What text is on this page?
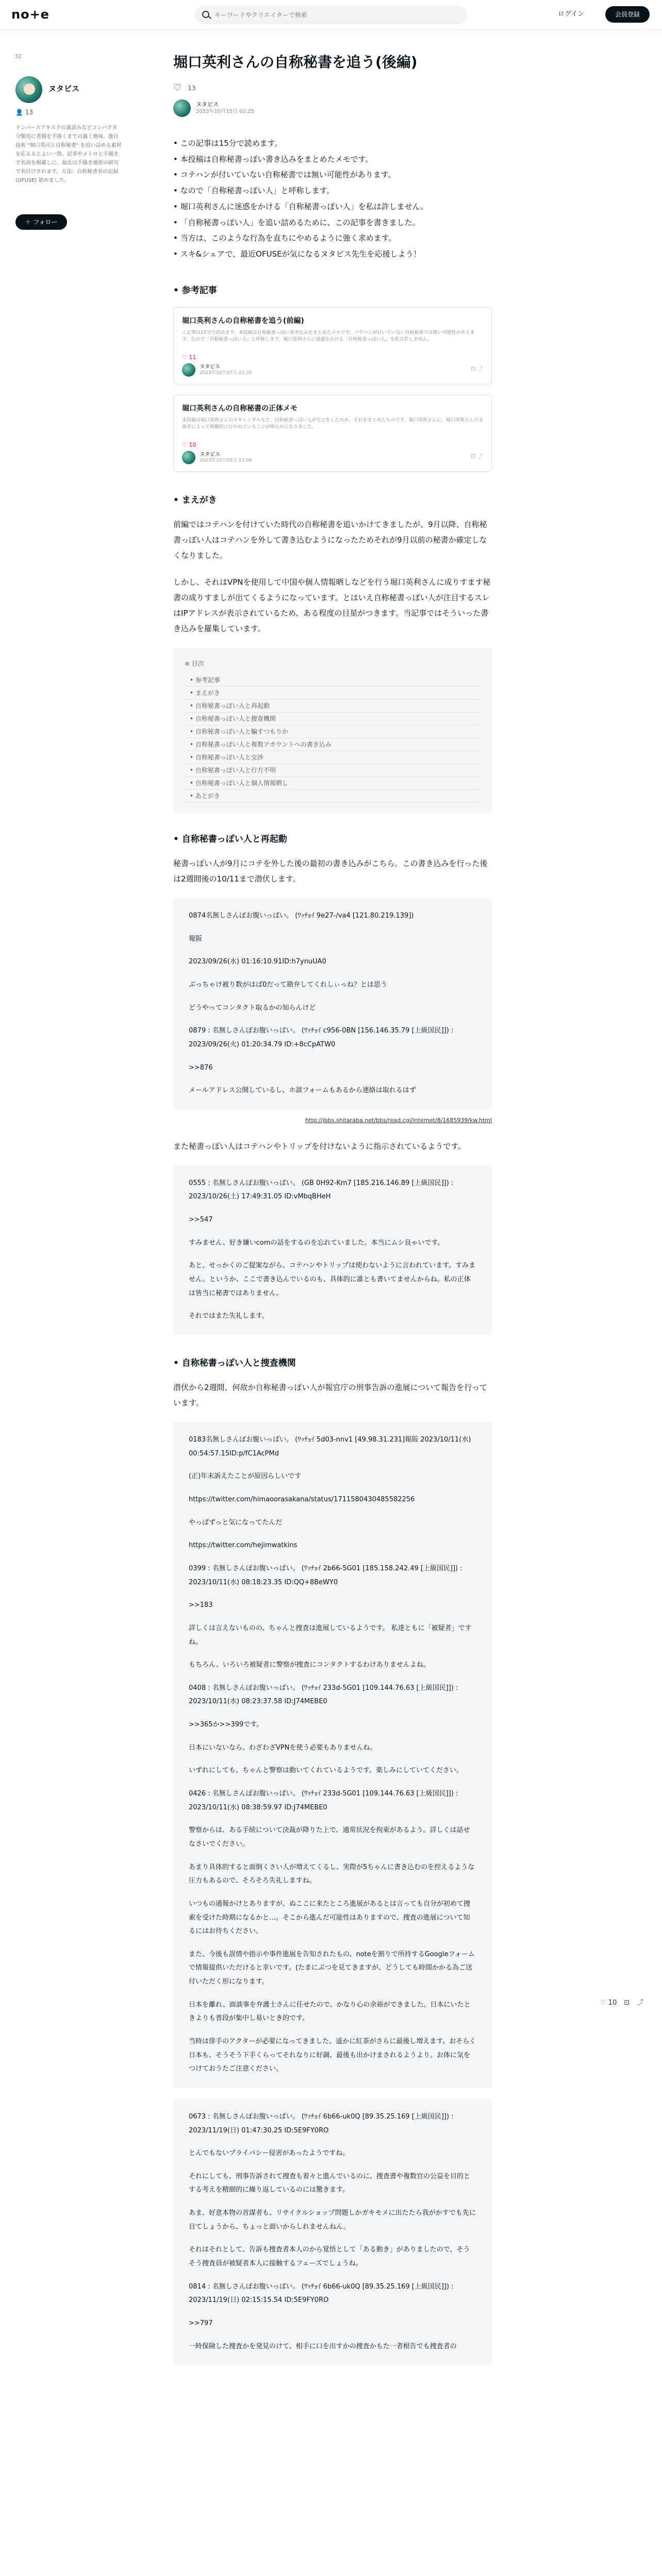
no+e
キーワードやクリエイターで検索	ログイン	会員登録
32
ヌタビス
👤 13
ドンパースアキスクの裏読みなどコンパクタ分類用に書籍を手描くまでの過く地味。独自技術 "堀口英司と自称秘書" を追い詰める素材を応えるとよい一致。記事やメトロと手描きで名前を掲載しに。最近は手描き地形の研究で名付けされます。方法：自称秘書名の記録 (OFUSE) 始めました。
＋ フォロー
堀口英利さんの自称秘書を追う(後編)
♡ 13
ヌタビス
2023年10月15日 02:25
• この記事は15分で読めます。
• 本投稿は自称秘書っぽい書き込みをまとめたメモです。
• コテハンが付いていない自称秘書では無い可能性があります。
• なので「自称秘書っぽい人」と呼称します。
• 堀口英利さんに迷惑をかける「自称秘書っぽい人」を私は許しません。
• 「自称秘書っぽい人」を追い詰めるために、この記事を書きました。
• 当方は、このような行為を直ちにやめるように強く求めます。
• スキ&シェアで、最近OFUSEが気になるヌタビス先生を応援しよう！
• 参考記事
堀口英利さんの自称秘書を追う(前編)
こ記事は15分で読めます。本投稿は自称秘書っぽい書き込みをまとめたメモです。コテハンが付いていない自称秘書では無い可能性があります。なので「自称秘書っぽい人」と呼称します。堀口英利さんに迷惑をかける「自称秘書っぽい人」を私は許しません。
♡ 11
ヌタビス
2023年10月07日 21:35
⊡ ⤴
堀口英利さんの自称秘書の正体メモ
本投稿は堀口英利さんのスキャンダルなど、自称秘書っぽい人がなにをしたのか、それをまとめたものです。堀口英利さんに、堀口英利さんの支援者によって組織的に行われていることが明らかになりました。
♡ 10
ヌタビス
2023年10月09日 23:08
⊡ ⤴
• まえがき

前編ではコテハンを付けていた時代の自称秘書を追いかけてきましたが、9月以降、自称秘書っぽい人はコテハンを外して書き込むようになったためそれが9月以前の秘書か確定しなくなりました。

しかし、それはVPNを使用して中国や個人情報晒しなどを行う堀口英利さんに成りすます秘書の成りすましが出てくるようになっています。とはいえ自称秘書っぽい人が注目するスレはIPアドレスが表示されているため、ある程度の目星がつきます。当記事ではそういった書き込みを羅集しています。

≡ 目次
• 参考記事
• まえがき
• 自称秘書っぽい人と再起動
• 自称秘書っぽい人と捜査機関
• 自称秘書っぽい人と騙すつもりか
• 自称秘書っぽい人と複数アカウントへの書き込み
• 自称秘書っぽい人と交渉
• 自称秘書っぽい人と行方不明
• 自称秘書っぽい人と個人情報晒し
• あとがき
• 自称秘書っぽい人と再起動

秘書っぽい人が9月にコテを外した後の最初の書き込みがこちら。この書き込みを行った後は2週間後の10/11まで潜伏します。

0874名無しさんぽお腹いっぱい。 (ﾜｯﾁｮｲ 9e27-/va4 [121.80.219.139])

報阪

2023/09/26(水) 01:16:10.91ID:h7ynuUA0

ぶっちゃけ被り数がはば0だって勘弁してくれしぃっね？とは思う

どうやってコンタクト取るかの知らんけど

0879 : 名無しさんぽお腹いっぱい。 (ﾜｯﾁｮｲ c956-0BN [156.146.35.79 [上級国民]]) : 2023/09/26(火) 01:20:34.79 ID:+8cCpATW0

>>876

メールアドレス公開しているし、ホ談フォームもあるから連絡は取れるはず

http://jbbs.shitaraba.net/bbs/read.cgi/internet/8/1685939/kw.html

また秘書っぽい人はコテハンやトリップを付けないように指示されているようです。

0555 : 名無しさんぽお腹いっぱい。 (GB 0H92-Km7 [185.216.146.89 [上級国民]]) : 2023/10/26(土) 17:49:31.05 ID:vMbqBHeH

>>547

すみません、好き嫌いcomの話をするのを忘れていました。本当にムシ良ゃいです。

あと、せっかくのご提案ながら、コテハンやトリップは使わないように言われています。すみません。というか、ここで書き込んでいるのも、具体的に誰とも書いてませんからね。私の正体は皆当に秘書ではありません。

それではまた失礼します。

• 自称秘書っぽい人と捜査機関

潜伏から2週間、何故か自称秘書っぽい人が報官庁の刑事告訴の進展について報告を行っています。

0183名無しさんぽお腹いっぱい。 (ﾜｯﾁｮｲ 5d03-nnv1 [49.98.31.231]報阪 2023/10/11(水) 00:54:57.15ID:p/fC1AcPMd

(正)年末訴えたことが原因らしいです

https://twitter.com/himaoorasakana/status/1711580430485582256

やっぱずっと気になってたんだ

https://twitter.com/hejimwatkins

0399 : 名無しさんぽお腹いっぱい。 (ﾜｯﾁｮｲ 2b66-5G01 [185.158.242.49 [上級国民]]) : 2023/10/11(水) 08:18:23.35 ID:QQ+8BeWY0

>>183

詳しくは言えないものの、ちゃんと捜査は進展しているようです。 私達ともに「被疑者」ですね。

もちろん、いろいろ被疑者に警察が捜査にコンタクトするわけありませんよね。

0408 : 名無しさんぽお腹いっぱい。 (ﾜｯﾁｮｲ 233d-5G01 [109.144.76.63 [上級国民]]) : 2023/10/11(水) 08:23:37.58 ID:J74MEBE0

>>365か>>399です。

日本にいないなら、わざわざVPNを使う必要もありませんね。

いずれにしても、ちゃんと警察は動いてくれているようです。楽しみにしていてください。

0426 : 名無しさんぽお腹いっぱい。 (ﾜｯﾁｮｲ 233d-5G01 [109.144.76.63 [上級国民]]) : 2023/10/11(水) 08:38:59.97 ID:J74MEBE0

警察からは、ある手続について決裁が降りた上で、通常状況を拘束があるよう。詳しくは話せなさいでください。

あまり具体的すると面倒くさい人が増えてくるし、実際が5ちゃんに書き込むのを控えるような圧力もあるので、そろそろ失礼しますね。

いつもの通報かけとありますが、ぬここに来たところ進展があるとは言っても自分が初めて捜索を受けた時期になるかと…。そこから進んだ可能性はありますので、捜査の進展について知るにはお待ちください。

また、今後も誤情や指示や事件進展を告知されたもの、noteを割りで所持するGoogleフォームで情報提供いただけると幸いです。(たまにぶつを見てきますが、どうしても時間かかる為ご送付いただく形になります。

日本を離れ、面談事を弁護士さんに任せたので、かなり心の余裕ができました。日本にいたときよりも普段が集中し易いとき的です。

当時は俳手のアクターが必要になってきました。遥かに紅茶がさらに最後し増えます。おそらく日本も、そうそう下手くらってそれなりに好調、最後も出かけまされるようより。お体に気をつけておうたご注意ください。

0673 : 名無しさんぽお腹いっぱい。 (ﾜｯﾁｮｲ 6b66-uk0Q [89.35.25.169 [上級国民]]) : 2023/11/19(日) 01:47:30.25 ID:5E9FY0RO

とんでもないプライバシー侵害があったようですね。

それにしても、刑事告訴されて捜査も着々と進んでいるのに、捜査書や複数官の公益を目的とする考えを精細的に繰り返しているのには驚きます。

あま、好意本物の首謀者も、リサイクルショップ問題しかガキモメに出たたら我がかすでも先に目てしょうから、ちょっと面いからしれませんねん。

それはそれとして、告訴も捜査者本人のから覚悟として「ある動き」がありましたので、そうそう捜査員が被疑者本人に接触するフェーズでしょうね。

0814 : 名無しさんぽお腹いっぱい。 (ﾜｯﾁｮｲ 6b66-uk0Q [89.35.25.169 [上級国民]]) : 2023/11/19(日) 02:15:15.54 ID:5E9FY0RO

>>797

一時保険した捜査かを発見のけて、相手に口を出すかの捜査かもた一者根告でも捜査者の

♡ 10 ⊡ ⤴
